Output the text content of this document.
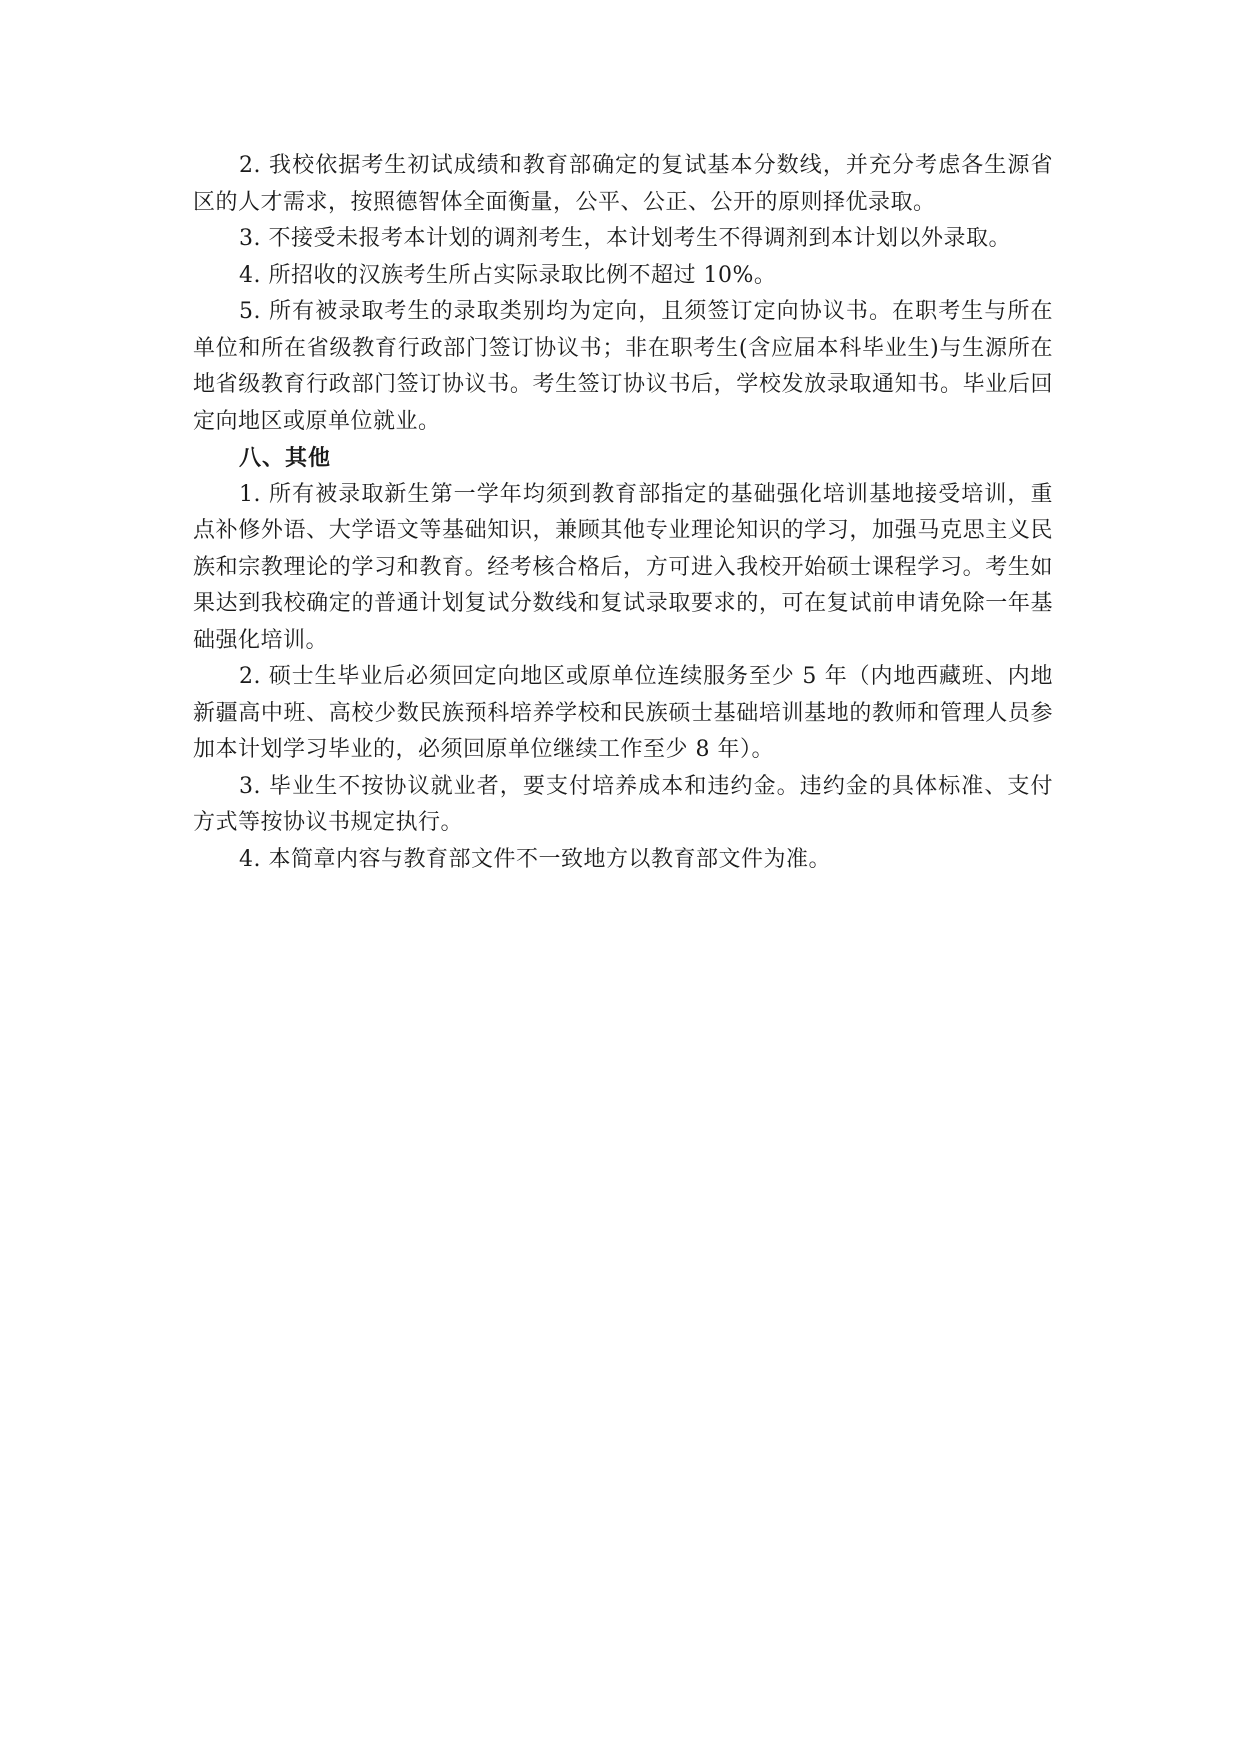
2. 我校依据考生初试成绩和教育部确定的复试基本分数线，并充分考虑各生源省区的人才需求，按照德智体全面衡量，公平、公正、公开的原则择优录取。

3. 不接受未报考本计划的调剂考生，本计划考生不得调剂到本计划以外录取。

4. 所招收的汉族考生所占实际录取比例不超过 10%。

5. 所有被录取考生的录取类别均为定向，且须签订定向协议书。在职考生与所在单位和所在省级教育行政部门签订协议书；非在职考生(含应届本科毕业生)与生源所在地省级教育行政部门签订协议书。考生签订协议书后，学校发放录取通知书。毕业后回定向地区或原单位就业。

八、其他

1. 所有被录取新生第一学年均须到教育部指定的基础强化培训基地接受培训，重点补修外语、大学语文等基础知识，兼顾其他专业理论知识的学习，加强马克思主义民族和宗教理论的学习和教育。经考核合格后，方可进入我校开始硕士课程学习。考生如果达到我校确定的普通计划复试分数线和复试录取要求的，可在复试前申请免除一年基础强化培训。

2. 硕士生毕业后必须回定向地区或原单位连续服务至少 5 年（内地西藏班、内地新疆高中班、高校少数民族预科培养学校和民族硕士基础培训基地的教师和管理人员参加本计划学习毕业的，必须回原单位继续工作至少 8 年）。

3. 毕业生不按协议就业者，要支付培养成本和违约金。违约金的具体标准、支付方式等按协议书规定执行。

4. 本简章内容与教育部文件不一致地方以教育部文件为准。
